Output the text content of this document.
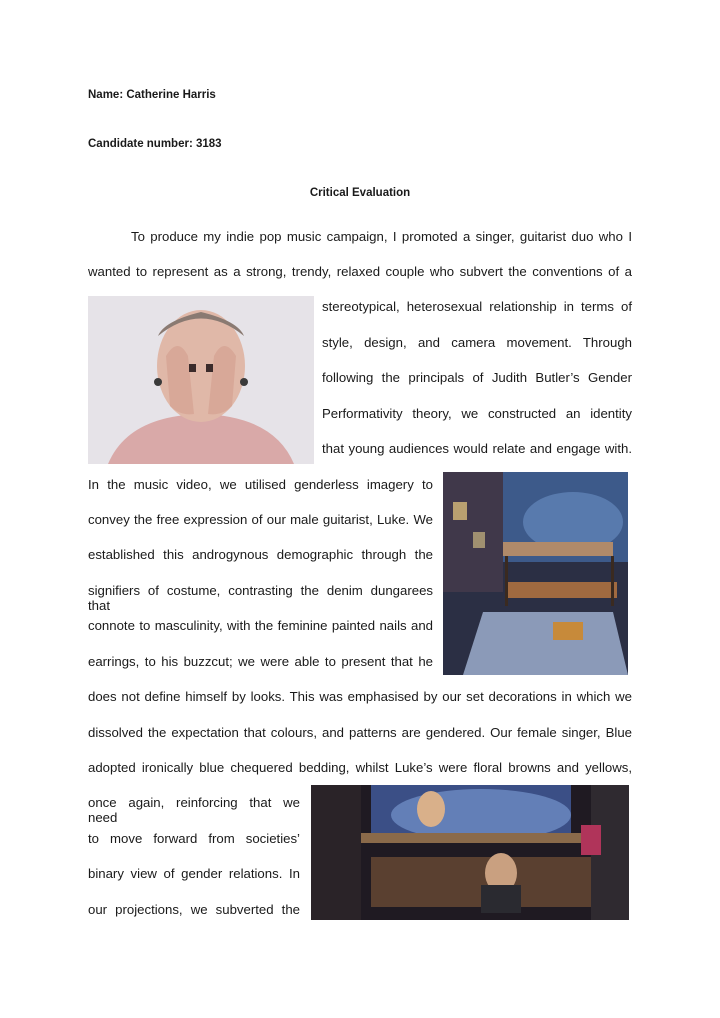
Name: Catherine Harris
Candidate number: 3183
Critical Evaluation
To produce my indie pop music campaign, I promoted a singer, guitarist duo who I
wanted to represent as a strong, trendy, relaxed couple who subvert the conventions of a
stereotypical, heterosexual relationship in terms of
style, design, and camera movement. Through
following the principals of Judith Butler’s Gender
Performativity theory, we constructed an identity
that young audiences would relate and engage with.
In the music video, we utilised genderless imagery to
convey the free expression of our male guitarist, Luke. We
established this androgynous demographic through the
signifiers of costume, contrasting the denim dungarees that
connote to masculinity, with the feminine painted nails and
earrings, to his buzzcut; we were able to present that he
does not define himself by looks. This was emphasised by our set decorations in which we
dissolved the expectation that colours, and patterns are gendered. Our female singer, Blue
adopted ironically blue chequered bedding, whilst Luke’s were floral browns and yellows,
once again, reinforcing that we need
to move forward from societies’
binary view of gender relations. In
our projections, we subverted the
